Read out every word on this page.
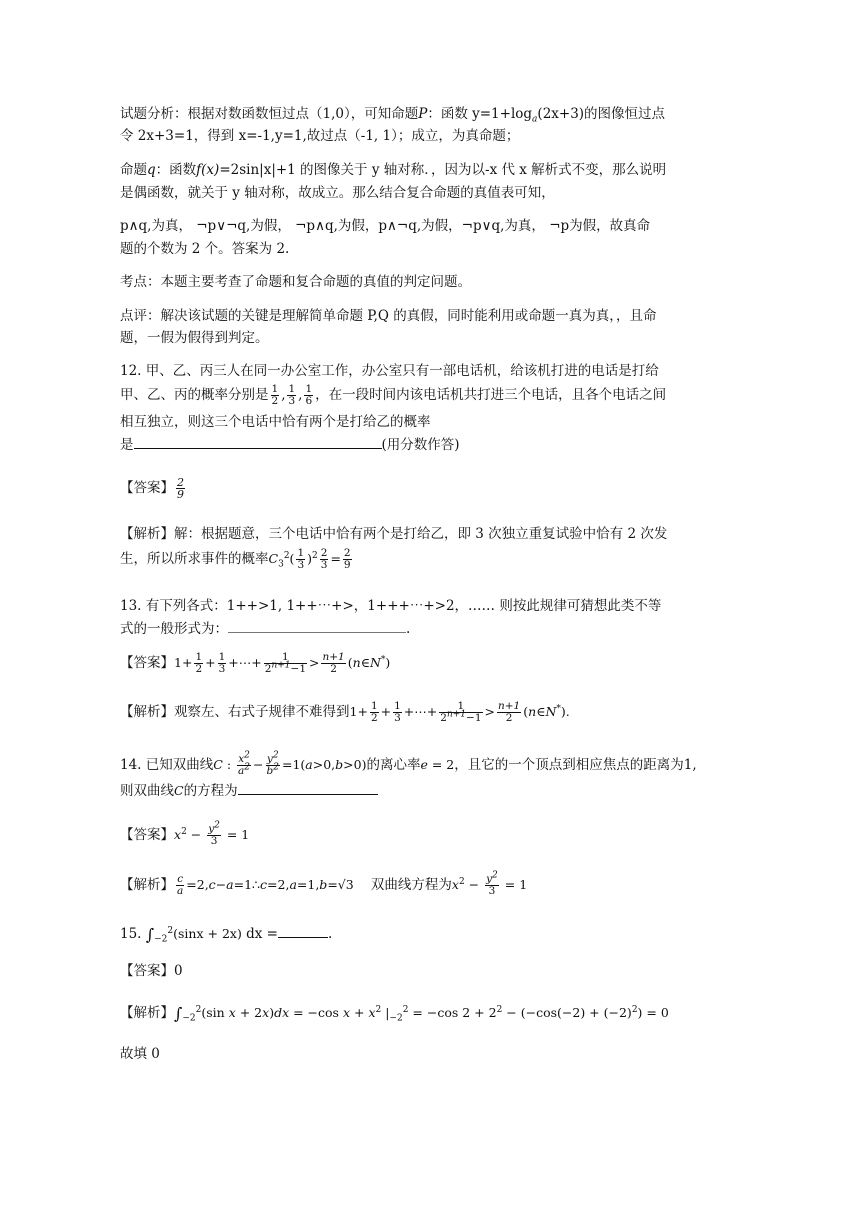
试题分析：根据对数函数恒过点（1,0），可知命题P：函数 $y=1+\log_a(2x+3)$的图像恒过点

令 2x+3=1，得到 x=-1,y=1,故过点（-1, 1）；成立，为真命题；

命题q：函数f(x)=2sin|x|+1 的图像关于 y 轴对称．，因为以-x 代 x 解析式不变，那么说明

是偶函数，就关于 y 轴对称，故成立。那么结合复合命题的真值表可知，

p∧q,为真， ¬p∨¬q,为假， ¬p∧q,为假，p∧¬q,为假，¬p∨q,为真， ¬p为假，故真命

题的个数为 2 个。答案为 2.

考点：本题主要考查了命题和复合命题的真值的判定问题。

点评：解决该试题的关键是理解简单命题 P,Q 的真假，同时能利用或命题一真为真，，且命

题，一假为假得到判定。

12. 甲、乙、丙三人在同一办公室工作，办公室只有一部电话机，给该机打进的电话是打给

甲、乙、丙的概率分别是 $\frac{1}{2}$ , $\frac{1}{3}$ , $\frac{1}{6}$ ，在一段时间内该电话机共打进三个电话，且各个电话之间

相互独立，则这三个电话中恰有两个是打给乙的概率

是	(用分数作答)

【答案】 $\frac{2}{9}$

【解析】解：根据题意，三个电话中恰有两个是打给乙，即 3 次独立重复试验中恰有 2 次发

生，所以所求事件的概率$C_3^2( \frac{1}{3} )^2 \frac{2}{3} = \frac{2}{9}$

13. 有下列各式：1++>1, 1++⋯+>，1+++⋯+>2，…… 则按此规律可猜想此类不等

式的一般形式为：	.

【答案】$1+ \frac{1}{2} + \frac{1}{3}$ +⋯+ $\frac{1}{2^{n+1}-1} > \frac{n+1}{2}$ (n∈N*)

【解析】观察左、右式子规律不难得到$1+ \frac{1}{2} + \frac{1}{3}$ +⋯+ $\frac{1}{2^{n+1}-1} > \frac{n+1}{2}$ (n∈N*).

14. 已知双曲线C : $\frac{x^2}{a^2} - \frac{y^2}{b^2} =1(a>0,b>0)$的离心率e = 2，且它的一个顶点到相应焦点的距离为1,

则双曲线C的方程为

【答案】$x^2 - \frac{y^2}{3} = 1$

【解析】 $\frac{c}{a}$ =2,c−a=1∴c=2,a=1,b=√3 双曲线方程为$x^2 - \frac{y^2}{3} = 1$

15. $\int_{-2}^2(\sin x + 2x)$ dx =	.

【答案】0

【解析】$\int_{-2}^2(\sin$ x + 2x)dx = −cos $x + x^2$ $|_{-2}^2 = -\cos$ $2 + 2^2 - (-\cos(-2) + (-2)^2) = 0$

故填 0
